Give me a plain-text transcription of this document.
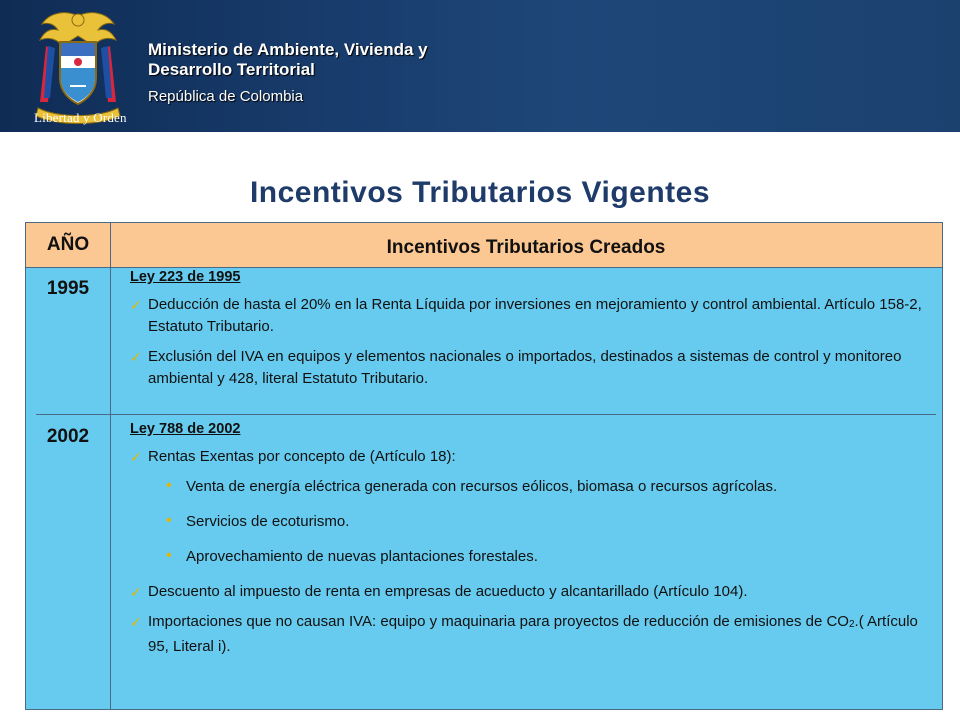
Libertad y Orden
Ministerio de Ambiente, Vivienda y
Desarrollo Territorial
República de Colombia
Incentivos Tributarios Vigentes
AÑO	Incentivos Tributarios Creados
1995
Ley 223 de 1995
✓ Deducción de hasta el 20% en la Renta Líquida por inversiones en mejoramiento y control ambiental. Artículo 158-2, Estatuto Tributario.
✓ Exclusión del IVA en equipos y elementos nacionales o importados, destinados a sistemas de control y monitoreo ambiental y 428, literal Estatuto Tributario.
2002	Ley 788 de 2002
✓ Rentas Exentas por concepto de (Artículo 18):
• Venta de energía eléctrica generada con recursos eólicos, biomasa o recursos agrícolas.
• Servicios de ecoturismo.
• Aprovechamiento de nuevas plantaciones forestales.
✓ Descuento al impuesto de renta en empresas de acueducto y alcantarillado (Artículo 104).
✓ Importaciones que no causan IVA: equipo y maquinaria para proyectos de reducción de emisiones de $CO_2$.( Artículo 95, Literal i).
